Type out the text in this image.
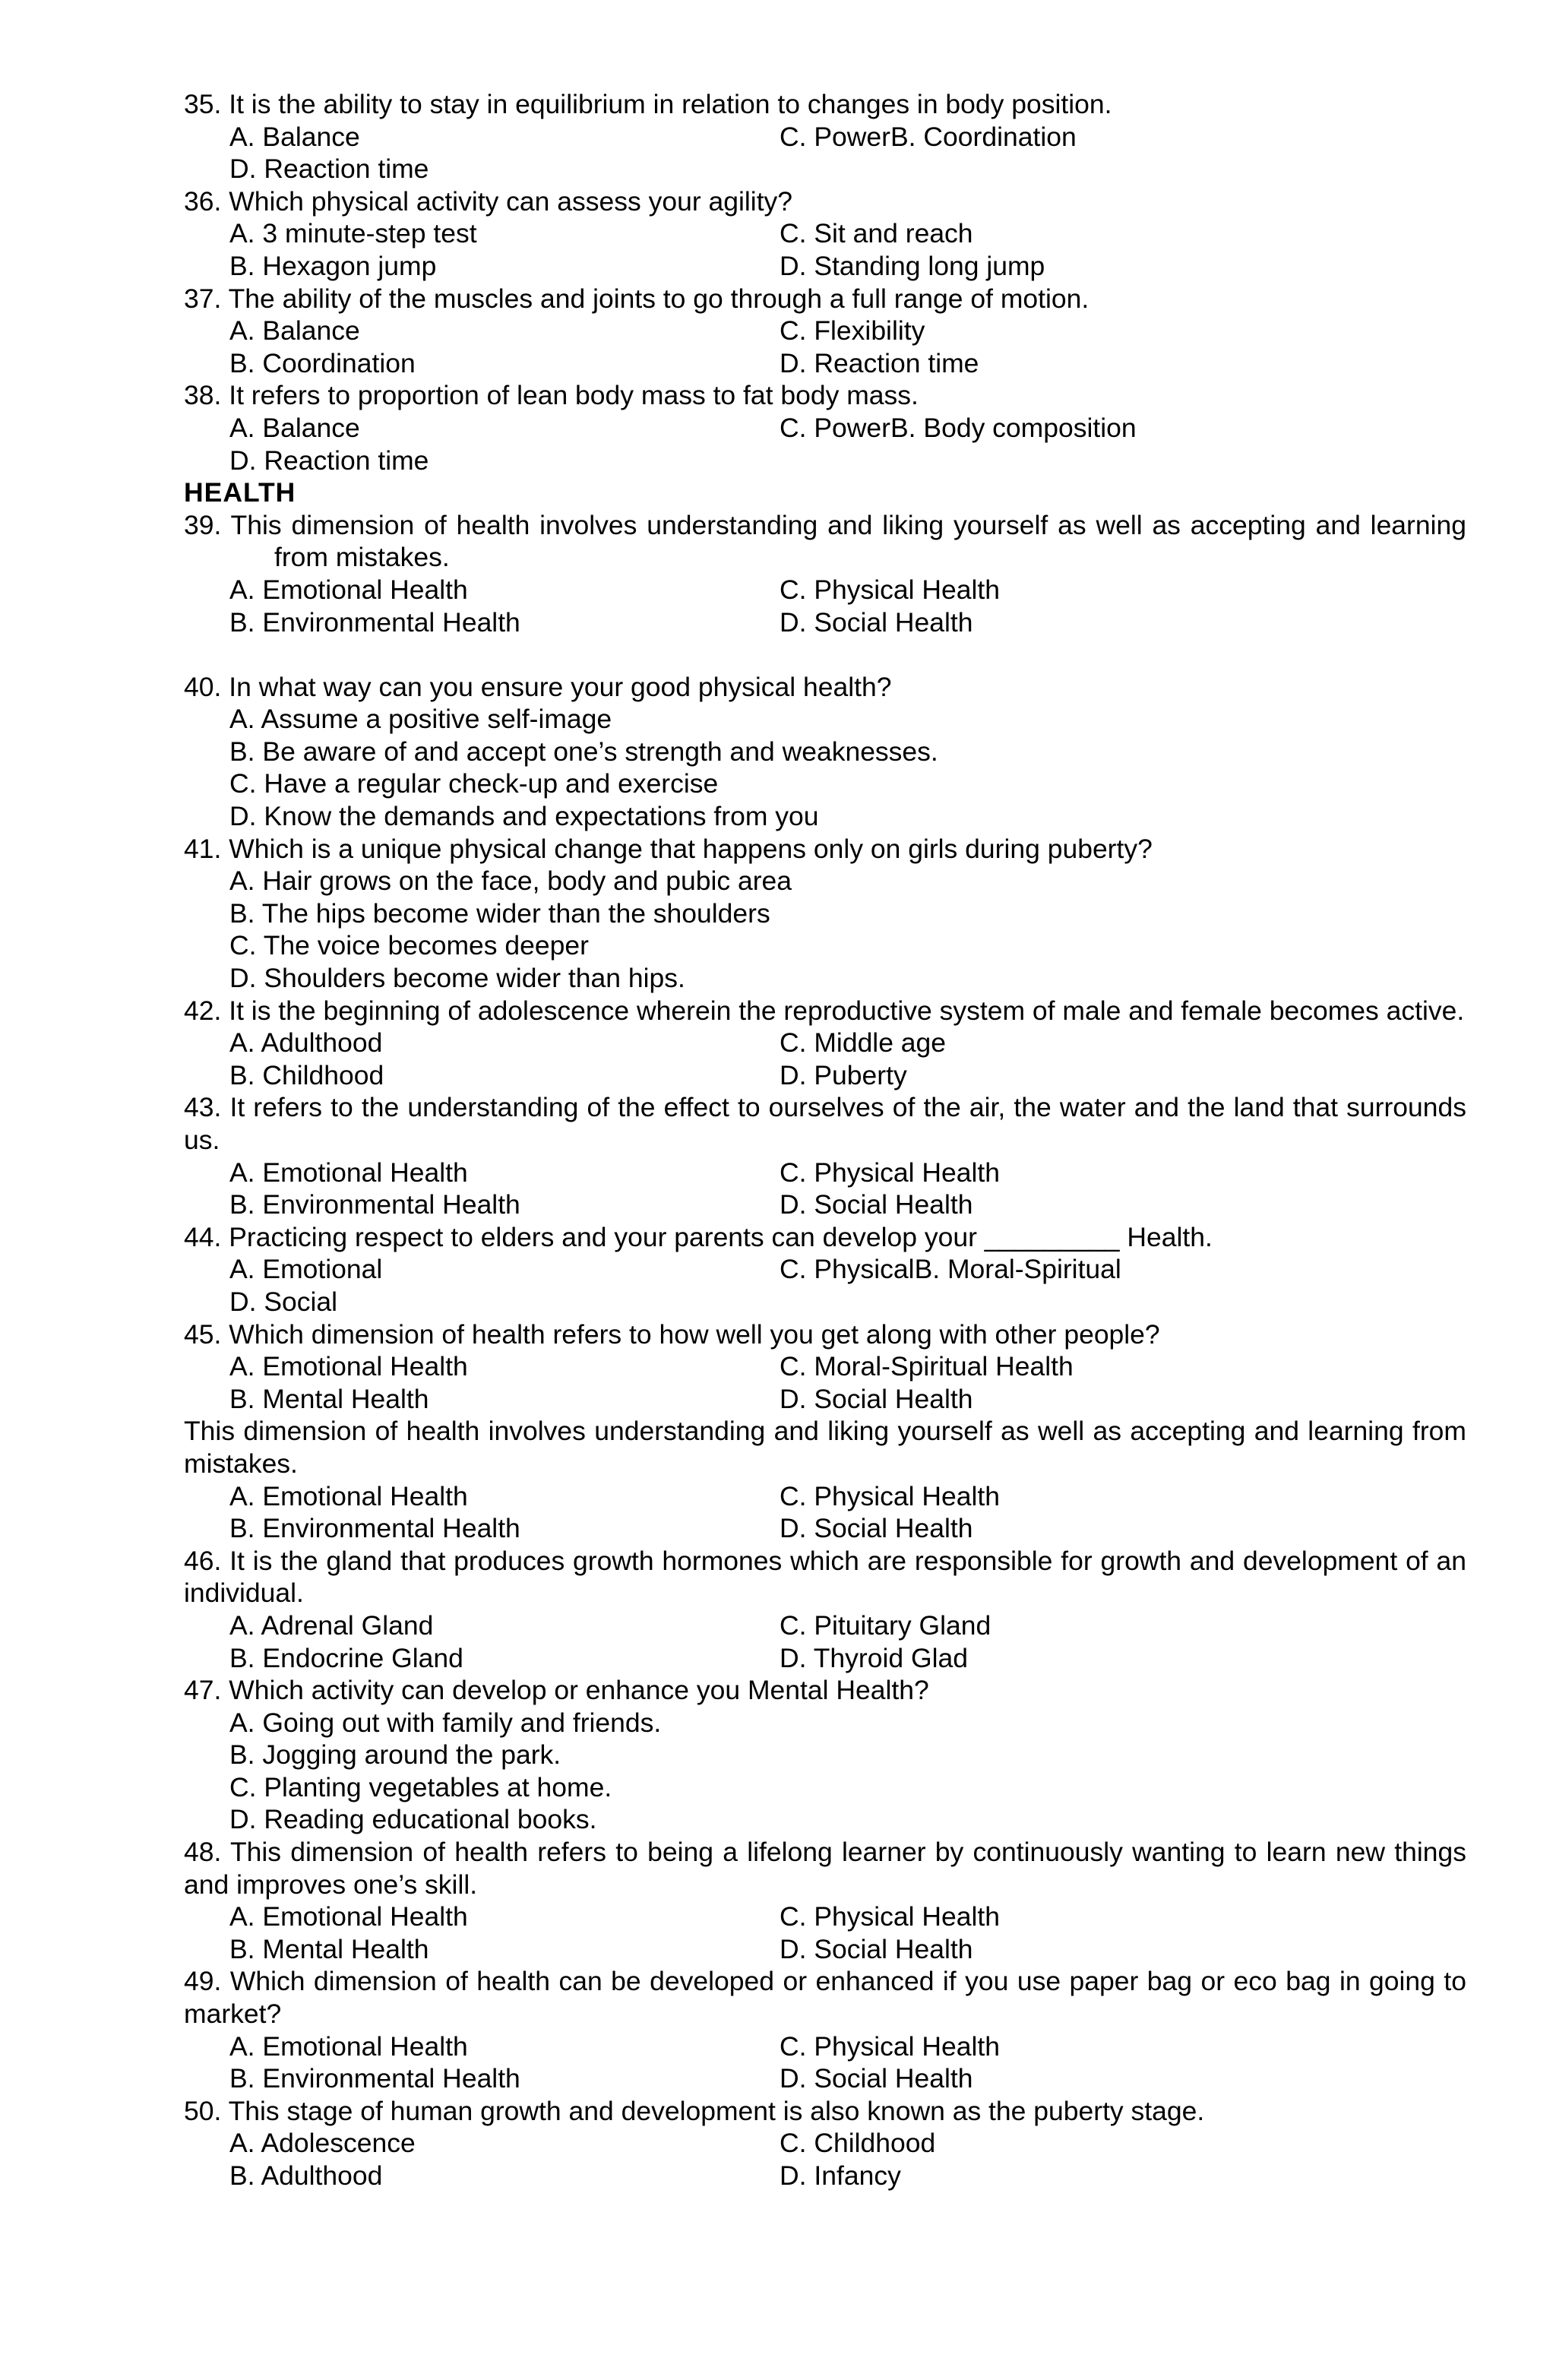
35. It is the ability to stay in equilibrium in relation to changes in body position.
A. Balance	C. Power B. Coordination
D. Reaction time
36. Which physical activity can assess your agility?
A. 3 minute-step test	C. Sit and reach
B. Hexagon jump	D. Standing long jump
37. The ability of the muscles and joints to go through a full range of motion.
A. Balance	C. Flexibility
B. Coordination	D. Reaction time
38. It refers to proportion of lean body mass to fat body mass.
A. Balance	C. Power B. Body composition
D. Reaction time
HEALTH
39. This dimension of health involves understanding and liking yourself as well as accepting and learning from mistakes.
A. Emotional Health	C. Physical Health
B. Environmental Health	D. Social Health
40. In what way can you ensure your good physical health?
A. Assume a positive self-image
B. Be aware of and accept one’s strength and weaknesses.
C. Have a regular check-up and exercise
D. Know the demands and expectations from you
41. Which is a unique physical change that happens only on girls during puberty?
A. Hair grows on the face, body and pubic area
B. The hips become wider than the shoulders
C. The voice becomes deeper
D. Shoulders become wider than hips.
42. It is the beginning of adolescence wherein the reproductive system of male and female becomes active.
A. Adulthood	C. Middle age
B. Childhood	D. Puberty
43. It refers to the understanding of the effect to ourselves of the air, the water and the land that surrounds us.
A. Emotional Health	C. Physical Health
B. Environmental Health	D. Social Health
44. Practicing respect to elders and your parents can develop your _________ Health.
A. Emotional	C. Physical B. Moral-Spiritual
D. Social
45. Which dimension of health refers to how well you get along with other people?
A. Emotional Health	C. Moral-Spiritual Health
B. Mental Health	D. Social Health
This dimension of health involves understanding and liking yourself as well as accepting and learning from mistakes.
A. Emotional Health	C. Physical Health
B. Environmental Health	D. Social Health
46. It is the gland that produces growth hormones which are responsible for growth and development of an individual.
A. Adrenal Gland	C. Pituitary Gland
B. Endocrine Gland	D. Thyroid Glad
47. Which activity can develop or enhance you Mental Health?
A. Going out with family and friends.
B. Jogging around the park.
C. Planting vegetables at home.
D. Reading educational books.
48. This dimension of health refers to being a lifelong learner by continuously wanting to learn new things and improves one’s skill.
A. Emotional Health	C. Physical Health
B. Mental Health	D. Social Health
49. Which dimension of health can be developed or enhanced if you use paper bag or eco bag in going to market?
A. Emotional Health	C. Physical Health
B. Environmental Health	D. Social Health
50. This stage of human growth and development is also known as the puberty stage.
A. Adolescence	C. Childhood
B. Adulthood	D. Infancy
